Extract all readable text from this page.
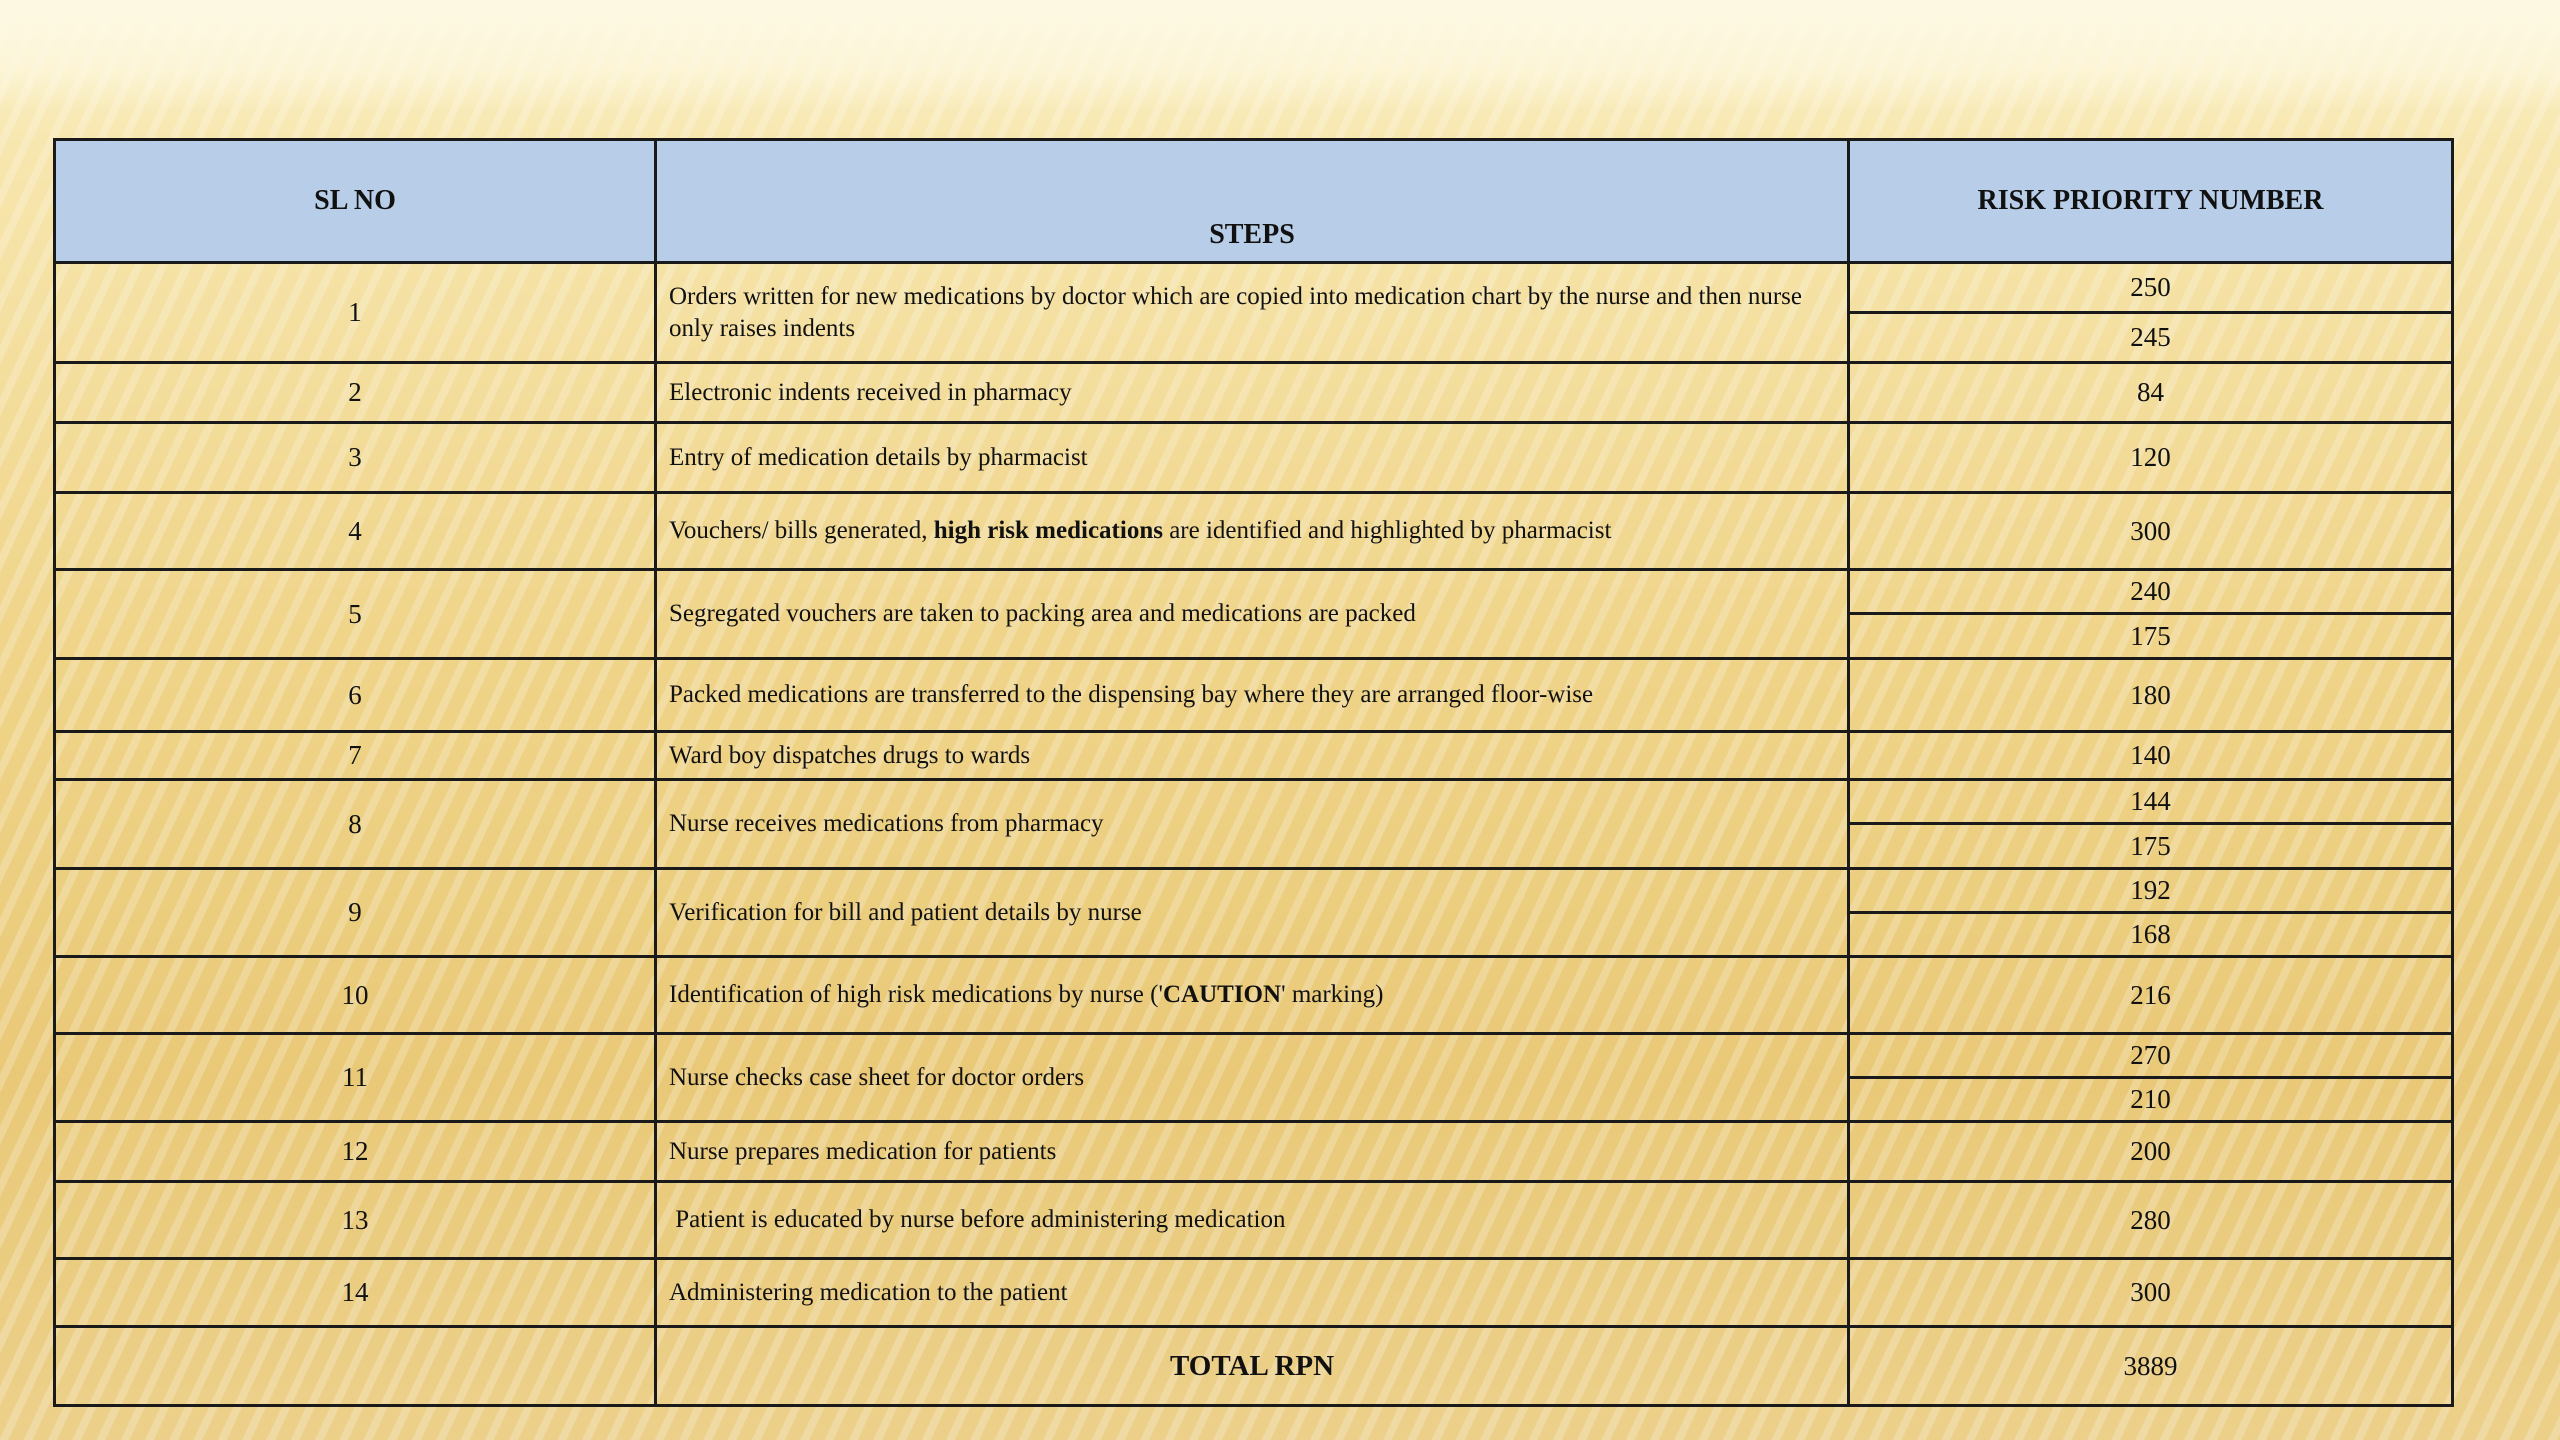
SL NO	STEPS	RISK PRIORITY NUMBER
1	Orders written for new medications by doctor which are copied into medication chart by the nurse and then nurse only raises indents	250
		245
2	Electronic indents received in pharmacy	84
3	Entry of medication details by pharmacist	120
4	Vouchers/ bills generated, high risk medications are identified and highlighted by pharmacist	300
5	Segregated vouchers are taken to packing area and medications are packed	240
		175
6	Packed medications are transferred to the dispensing bay where they are arranged floor-wise	180
7	Ward boy dispatches drugs to wards	140
8	Nurse receives medications from pharmacy	144
		175
9	Verification for bill and patient details by nurse	192
		168
10	Identification of high risk medications by nurse ('CAUTION' marking)	216
11	Nurse checks case sheet for doctor orders	270
		210
12	Nurse prepares medication for patients	200
13	Patient is educated by nurse before administering medication	280
14	Administering medication to the patient	300
	TOTAL RPN	3889
